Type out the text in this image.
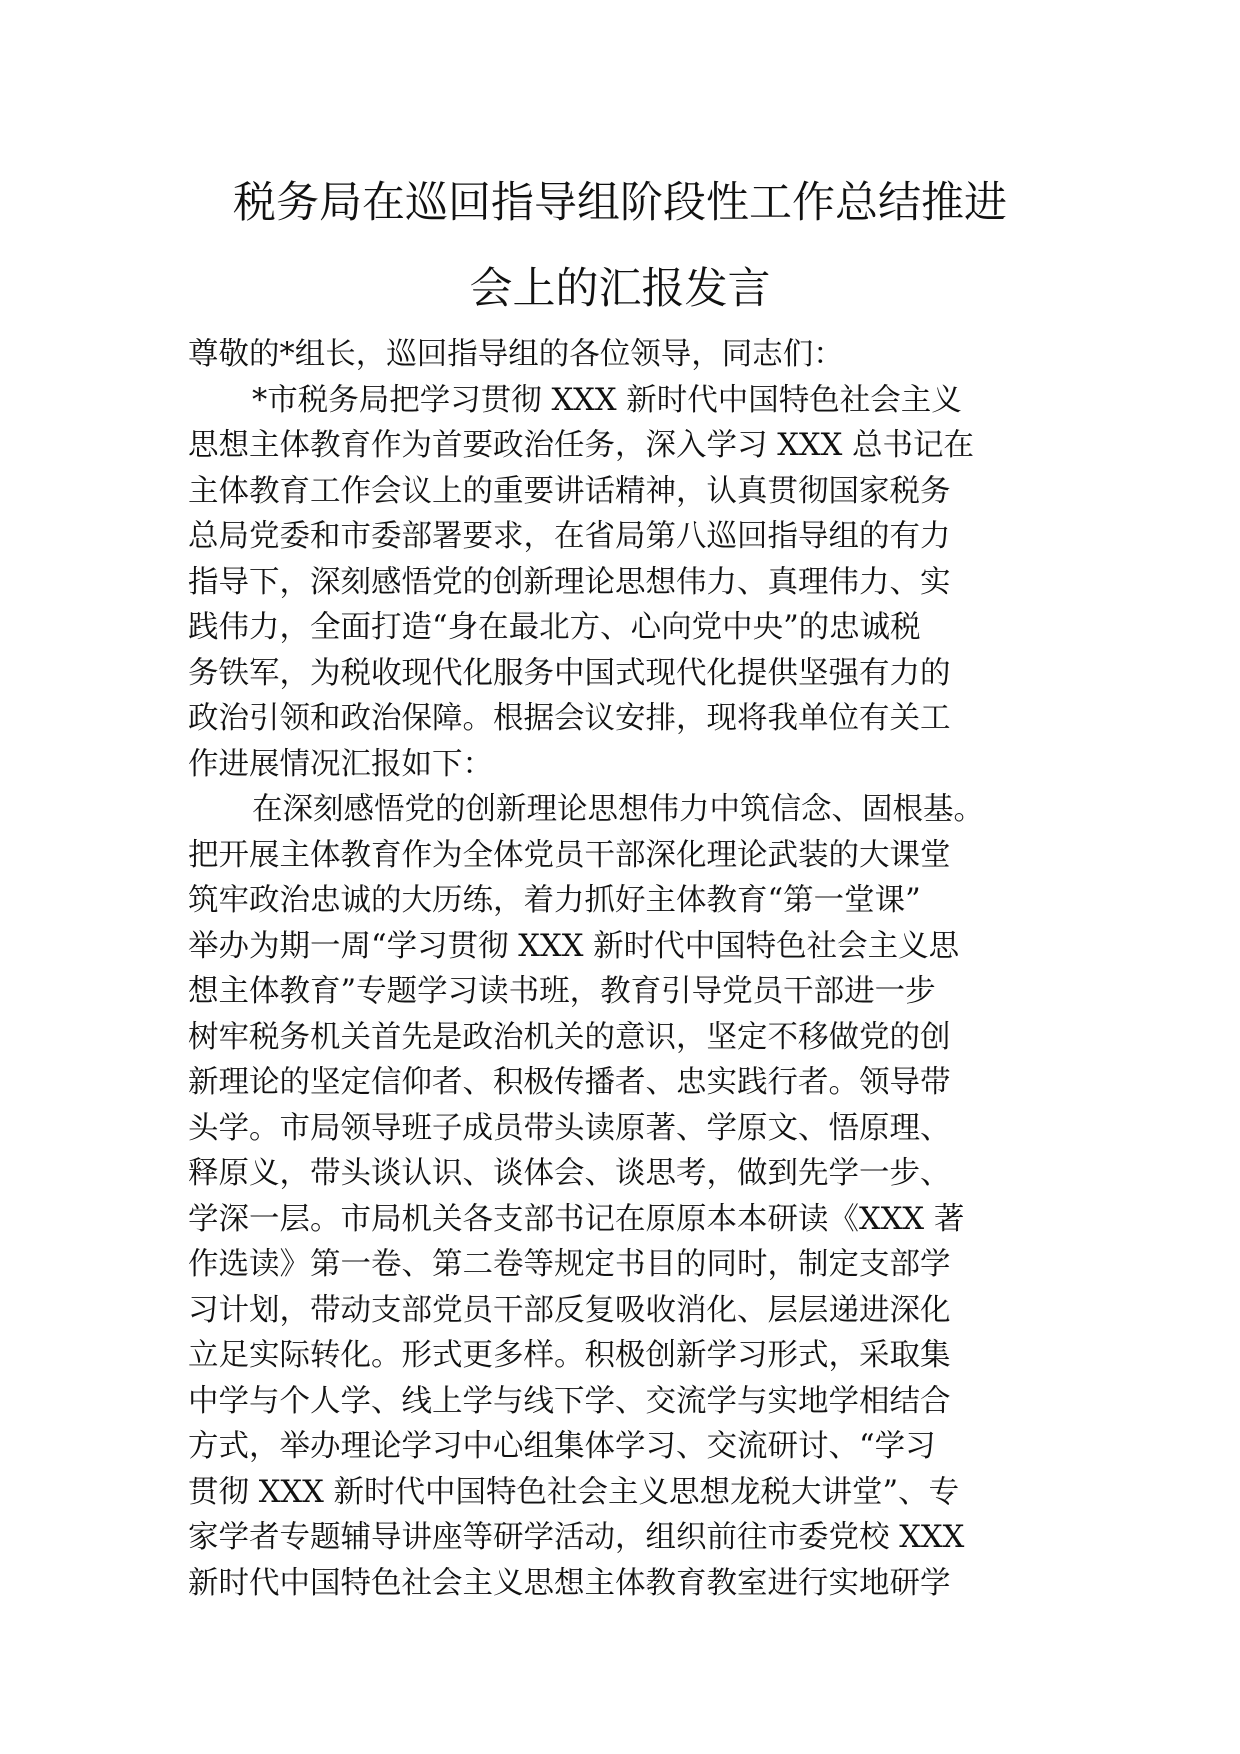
税务局在巡回指导组阶段性工作总结推进
会上的汇报发言
尊敬的*组长，巡回指导组的各位领导，同志们：
*市税务局把学习贯彻 XXX 新时代中国特色社会主义
思想主体教育作为首要政治任务，深入学习 XXX 总书记在
主体教育工作会议上的重要讲话精神，认真贯彻国家税务
总局党委和市委部署要求，在省局第八巡回指导组的有力
指导下，深刻感悟党的创新理论思想伟力、真理伟力、实
践伟力，全面打造“身在最北方、心向党中央”的忠诚税
务铁军，为税收现代化服务中国式现代化提供坚强有力的
政治引领和政治保障。根据会议安排，现将我单位有关工
作进展情况汇报如下：
在深刻感悟党的创新理论思想伟力中筑信念、固根基。
把开展主体教育作为全体党员干部深化理论武装的大课堂
筑牢政治忠诚的大历练，着力抓好主体教育“第一堂课”
举办为期一周“学习贯彻 XXX 新时代中国特色社会主义思
想主体教育”专题学习读书班，教育引导党员干部进一步
树牢税务机关首先是政治机关的意识，坚定不移做党的创
新理论的坚定信仰者、积极传播者、忠实践行者。领导带
头学。市局领导班子成员带头读原著、学原文、悟原理、
释原义，带头谈认识、谈体会、谈思考，做到先学一步、
学深一层。市局机关各支部书记在原原本本研读《XXX 著
作选读》第一卷、第二卷等规定书目的同时，制定支部学
习计划，带动支部党员干部反复吸收消化、层层递进深化
立足实际转化。形式更多样。积极创新学习形式，采取集
中学与个人学、线上学与线下学、交流学与实地学相结合
方式，举办理论学习中心组集体学习、交流研讨、“学习
贯彻 XXX 新时代中国特色社会主义思想龙税大讲堂”、专
家学者专题辅导讲座等研学活动，组织前往市委党校 XXX
新时代中国特色社会主义思想主体教育教室进行实地研学
